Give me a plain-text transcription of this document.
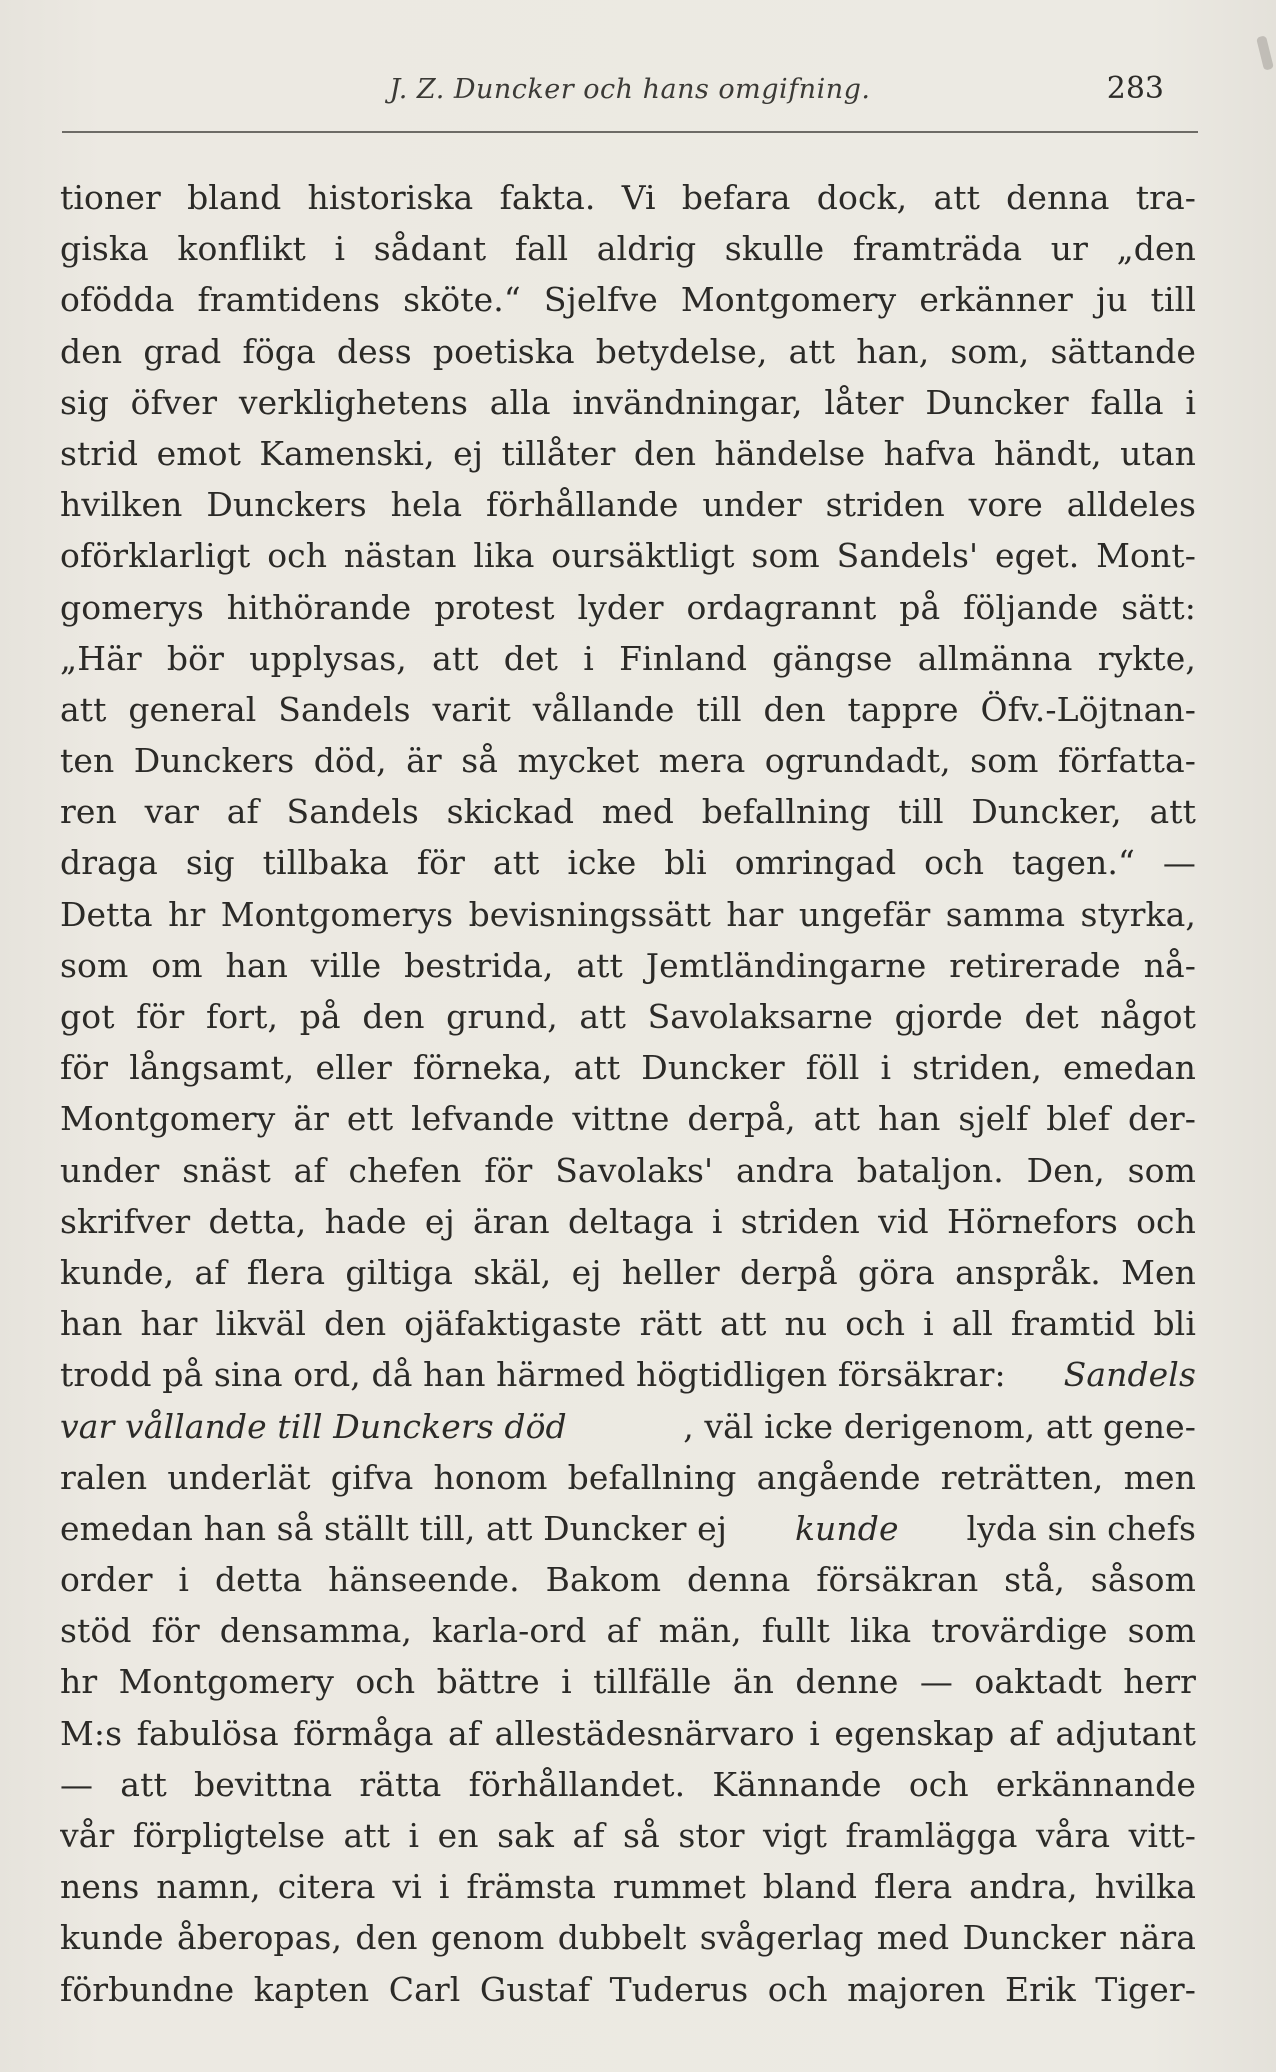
J. Z. Duncker och hans omgifning.	283
tioner bland historiska fakta. Vi befara dock, att denna tra-
giska konflikt i sådant fall aldrig skulle framträda ur „den
ofödda framtidens sköte.“ Sjelfve Montgomery erkänner ju till
den grad föga dess poetiska betydelse, att han, som, sättande
sig öfver verklighetens alla invändningar, låter Duncker falla i
strid emot Kamenski, ej tillåter den händelse hafva händt, utan
hvilken Dunckers hela förhållande under striden vore alldeles
oförklarligt och nästan lika oursäktligt som Sandels' eget. Mont-
gomerys hithörande protest lyder ordagrannt på följande sätt:
„Här bör upplysas, att det i Finland gängse allmänna rykte,
att general Sandels varit vållande till den tappre Öfv.-Löjtnan-
ten Dunckers död, är så mycket mera ogrundadt, som författa-
ren var af Sandels skickad med befallning till Duncker, att
draga sig tillbaka för att icke bli omringad och tagen.“ —
Detta hr Montgomerys bevisningssätt har ungefär samma styrka,
som om han ville bestrida, att Jemtländingarne retirerade nå-
got för fort, på den grund, att Savolaksarne gjorde det något
för långsamt, eller förneka, att Duncker föll i striden, emedan
Montgomery är ett lefvande vittne derpå, att han sjelf blef der-
under snäst af chefen för Savolaks' andra bataljon. Den, som
skrifver detta, hade ej äran deltaga i striden vid Hörnefors och
kunde, af flera giltiga skäl, ej heller derpå göra anspråk. Men
han har likväl den ojäfaktigaste rätt att nu och i all framtid bli
trodd på sina ord, då han härmed högtidligen försäkrar: Sandels
var vållande till Dunckers död	, väl icke derigenom, att gene-
ralen underlät gifva honom befallning angående reträtten, men
emedan han så ställt till, att Duncker ej kunde lyda sin chefs
order i detta hänseende. Bakom denna försäkran stå, såsom
stöd för densamma, karla-ord af män, fullt lika trovärdige som
hr Montgomery och bättre i tillfälle än denne — oaktadt herr
M:s fabulösa förmåga af allestädesnärvaro i egenskap af adjutant
— att bevittna rätta förhållandet. Kännande och erkännande
vår förpligtelse att i en sak af så stor vigt framlägga våra vitt-
nens namn, citera vi i främsta rummet bland flera andra, hvilka
kunde åberopas, den genom dubbelt svågerlag med Duncker nära
förbundne kapten Carl Gustaf Tuderus och majoren Erik Tiger-
